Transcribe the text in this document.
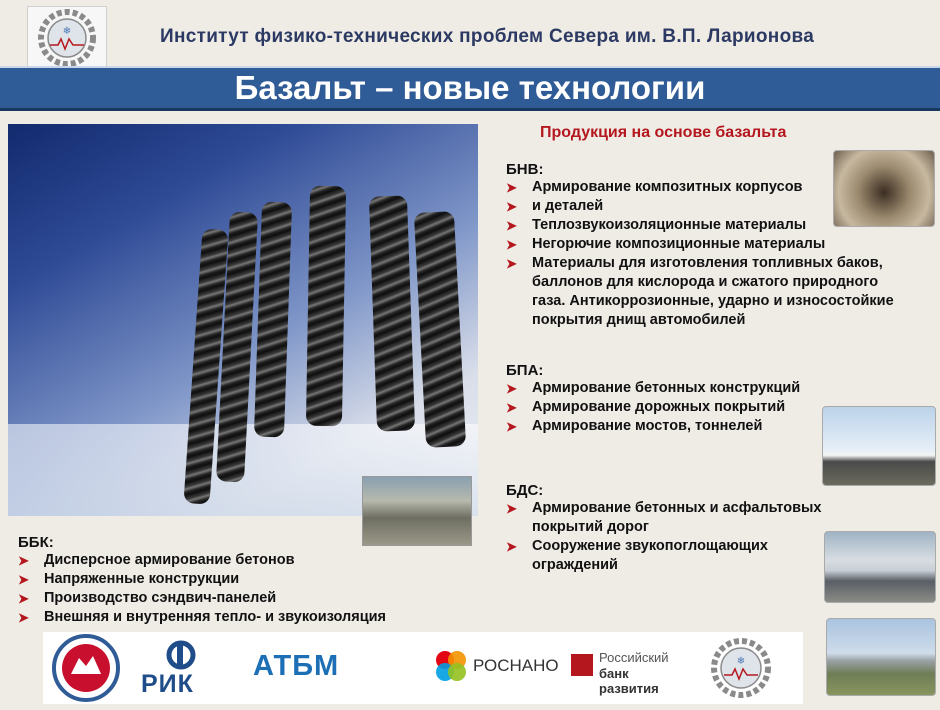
❄	Институт физико-технических проблем Севера им. В.П. Ларионова
Базальт – новые технологии
Продукция на основе базальта
БНВ:
➤ Армирование композитных корпусов
➤ и деталей
➤ Теплозвукоизоляционные материалы
➤ Негорючие композиционные материалы
➤ Материалы для изготовления топливных баков, баллонов для кислорода и сжатого природного газа. Антикоррозионные, ударно и износостойкие покрытия днищ автомобилей
БПА:
➤ Армирование бетонных конструкций
➤ Армирование дорожных покрытий
➤ Армирование мостов, тоннелей
БДС:
➤ Армирование бетонных и асфальтовых покрытий дорог
➤ Сооружение звукопоглощающих ограждений
ББК:
➤ Дисперсное армирование бетонов
➤ Напряженные конструкции
➤ Производство сэндвич-панелей
➤ Внешняя и внутренняя тепло- и звукоизоляция
РИК
АТБМ	РОСНАНО	Российский
банк развития
❄
